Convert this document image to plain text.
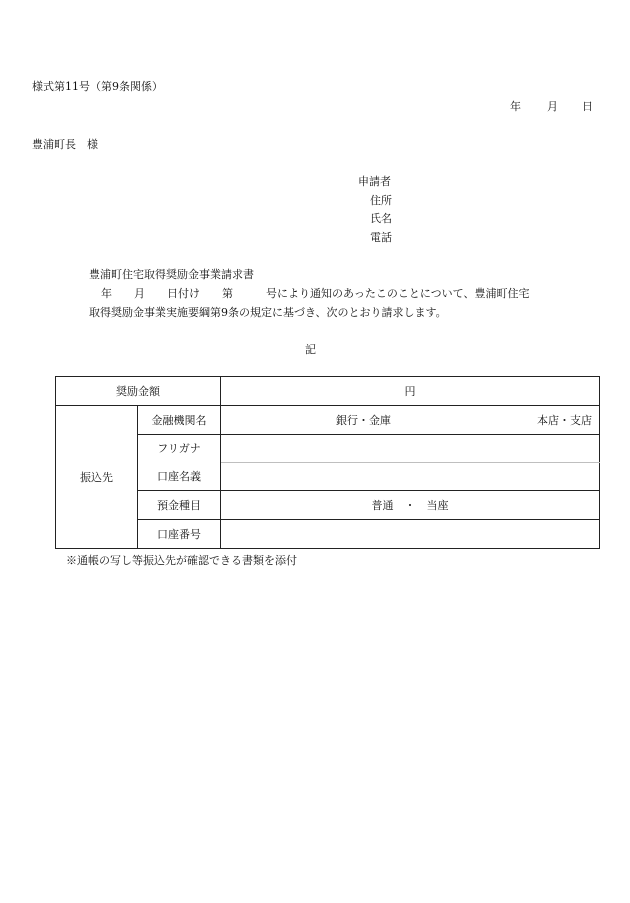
様式第11号（第9条関係）
年 月 日
豊浦町長　様
申請者
住所
氏名
電話
豊浦町住宅取得奨励金事業請求書
年　　月　　日付け　　第　　　号により通知のあったこのことについて、豊浦町住宅
取得奨励金事業実施要綱第9条の規定に基づき、次のとおり請求します。
記
奨励金額		円

振込先	金融機関名	銀行・金庫 本店・支店

	フリガナ	
	口座名義	
	預金種目	普通　・　当座
	口座番号	
※通帳の写し等振込先が確認できる書類を添付
